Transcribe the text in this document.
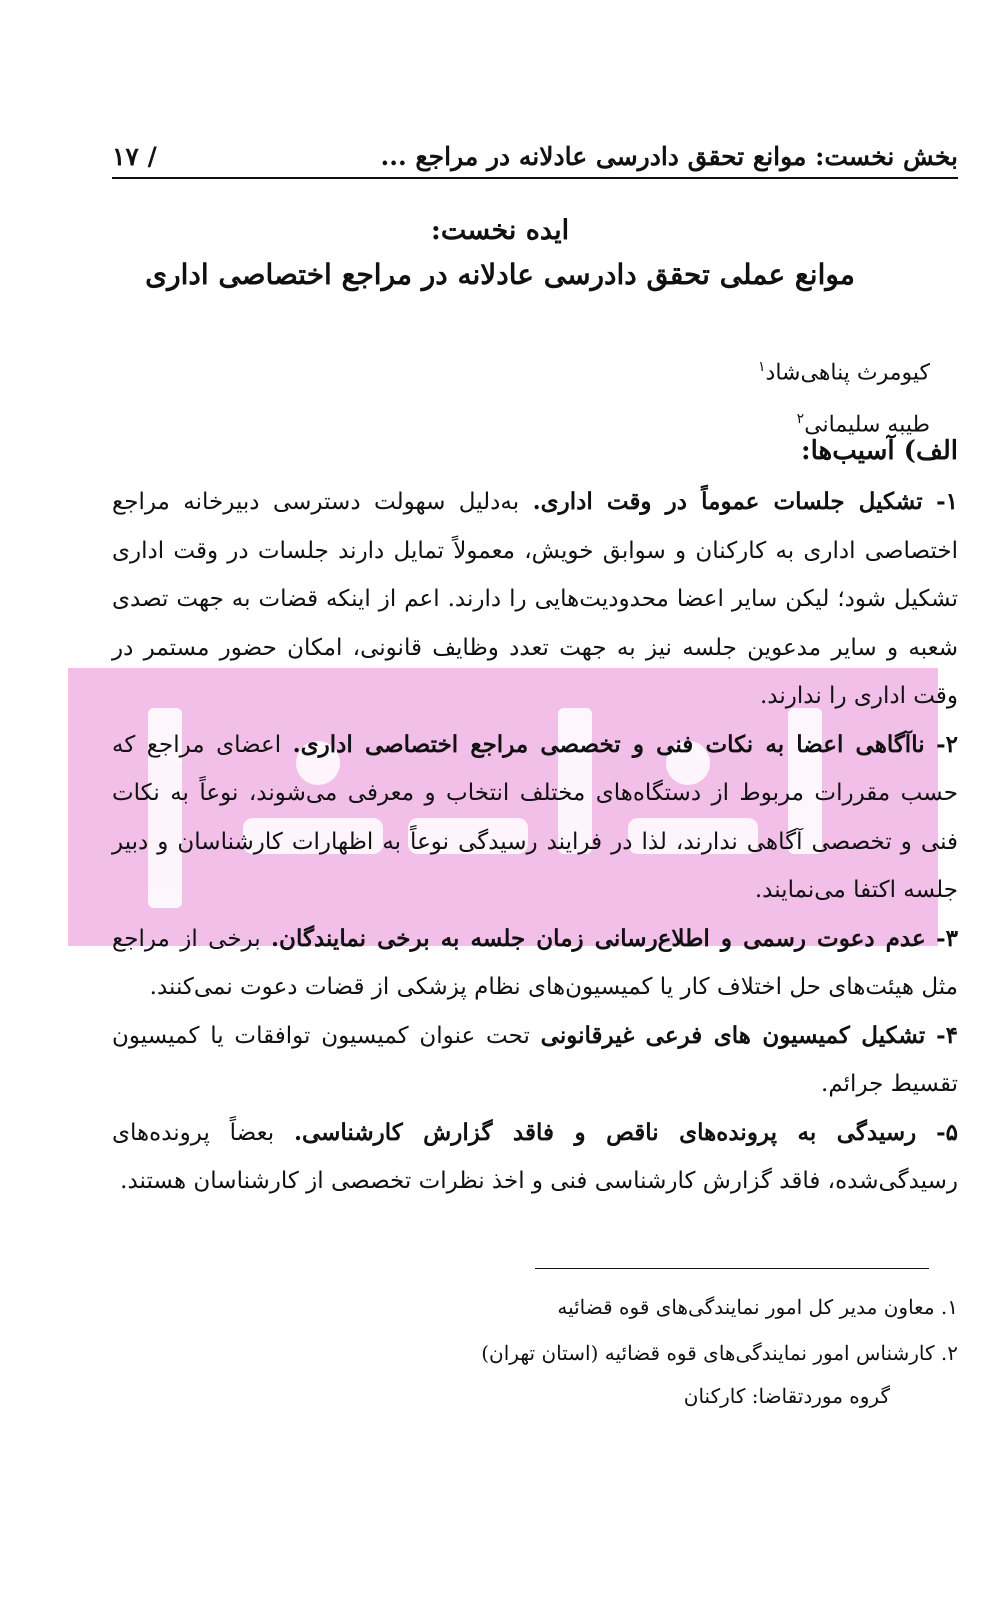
بخش نخست: موانع تحقق دادرسی عادلانه در مراجع ...
/ ۱۷

ایده نخست:

موانع عملی تحقق دادرسی عادلانه در مراجع اختصاصی اداری

کیومرث پناهی‌شاد$^۱$
طیبه سلیمانی$^۲$
الف) آسیب‌ها:

۱- تشکیل جلسات عموماً در وقت اداری. به‌دلیل سهولت دسترسی دبیرخانه مراجع اختصاصی اداری به کارکنان و سوابق خویش، معمولاً تمایل دارند جلسات در وقت اداری تشکیل شود؛ لیکن سایر اعضا محدودیت‌هایی را دارند. اعم از اینکه قضات به جهت تصدی شعبه و سایر مدعوین جلسه نیز به جهت تعدد وظایف قانونی، امکان حضور مستمر در وقت اداری را ندارند.

۲- ناآگاهی اعضا به نکات فنی و تخصصی مراجع اختصاصی اداری. اعضای مراجع که حسب مقررات مربوط از دستگاه‌های مختلف انتخاب و معرفی می‌شوند، نوعاً به نکات فنی و تخصصی آگاهی ندارند، لذا در فرایند رسیدگی نوعاً به اظهارات کارشناسان و دبیر جلسه اکتفا می‌نمایند.

۳- عدم دعوت رسمی و اطلاع‌رسانی زمان جلسه به برخی نمایندگان. برخی از مراجع مثل هیئت‌های حل اختلاف کار یا کمیسیون‌های نظام پزشکی از قضات دعوت نمی‌کنند.

۴- تشکیل کمیسیون های فرعی غیرقانونی تحت عنوان کمیسیون توافقات یا کمیسیون تقسیط جرائم.

۵- رسیدگی به پرونده‌های ناقص و فاقد گزارش کارشناسی. بعضاً پرونده‌های رسیدگی‌شده، فاقد گزارش کارشناسی فنی و اخذ نظرات تخصصی از کارشناسان هستند.

۱. معاون مدیر کل امور نمایندگی‌های قوه قضائیه

۲. کارشناس امور نمایندگی‌های قوه قضائیه (استان تهران)

گروه موردتقاضا: کارکنان
